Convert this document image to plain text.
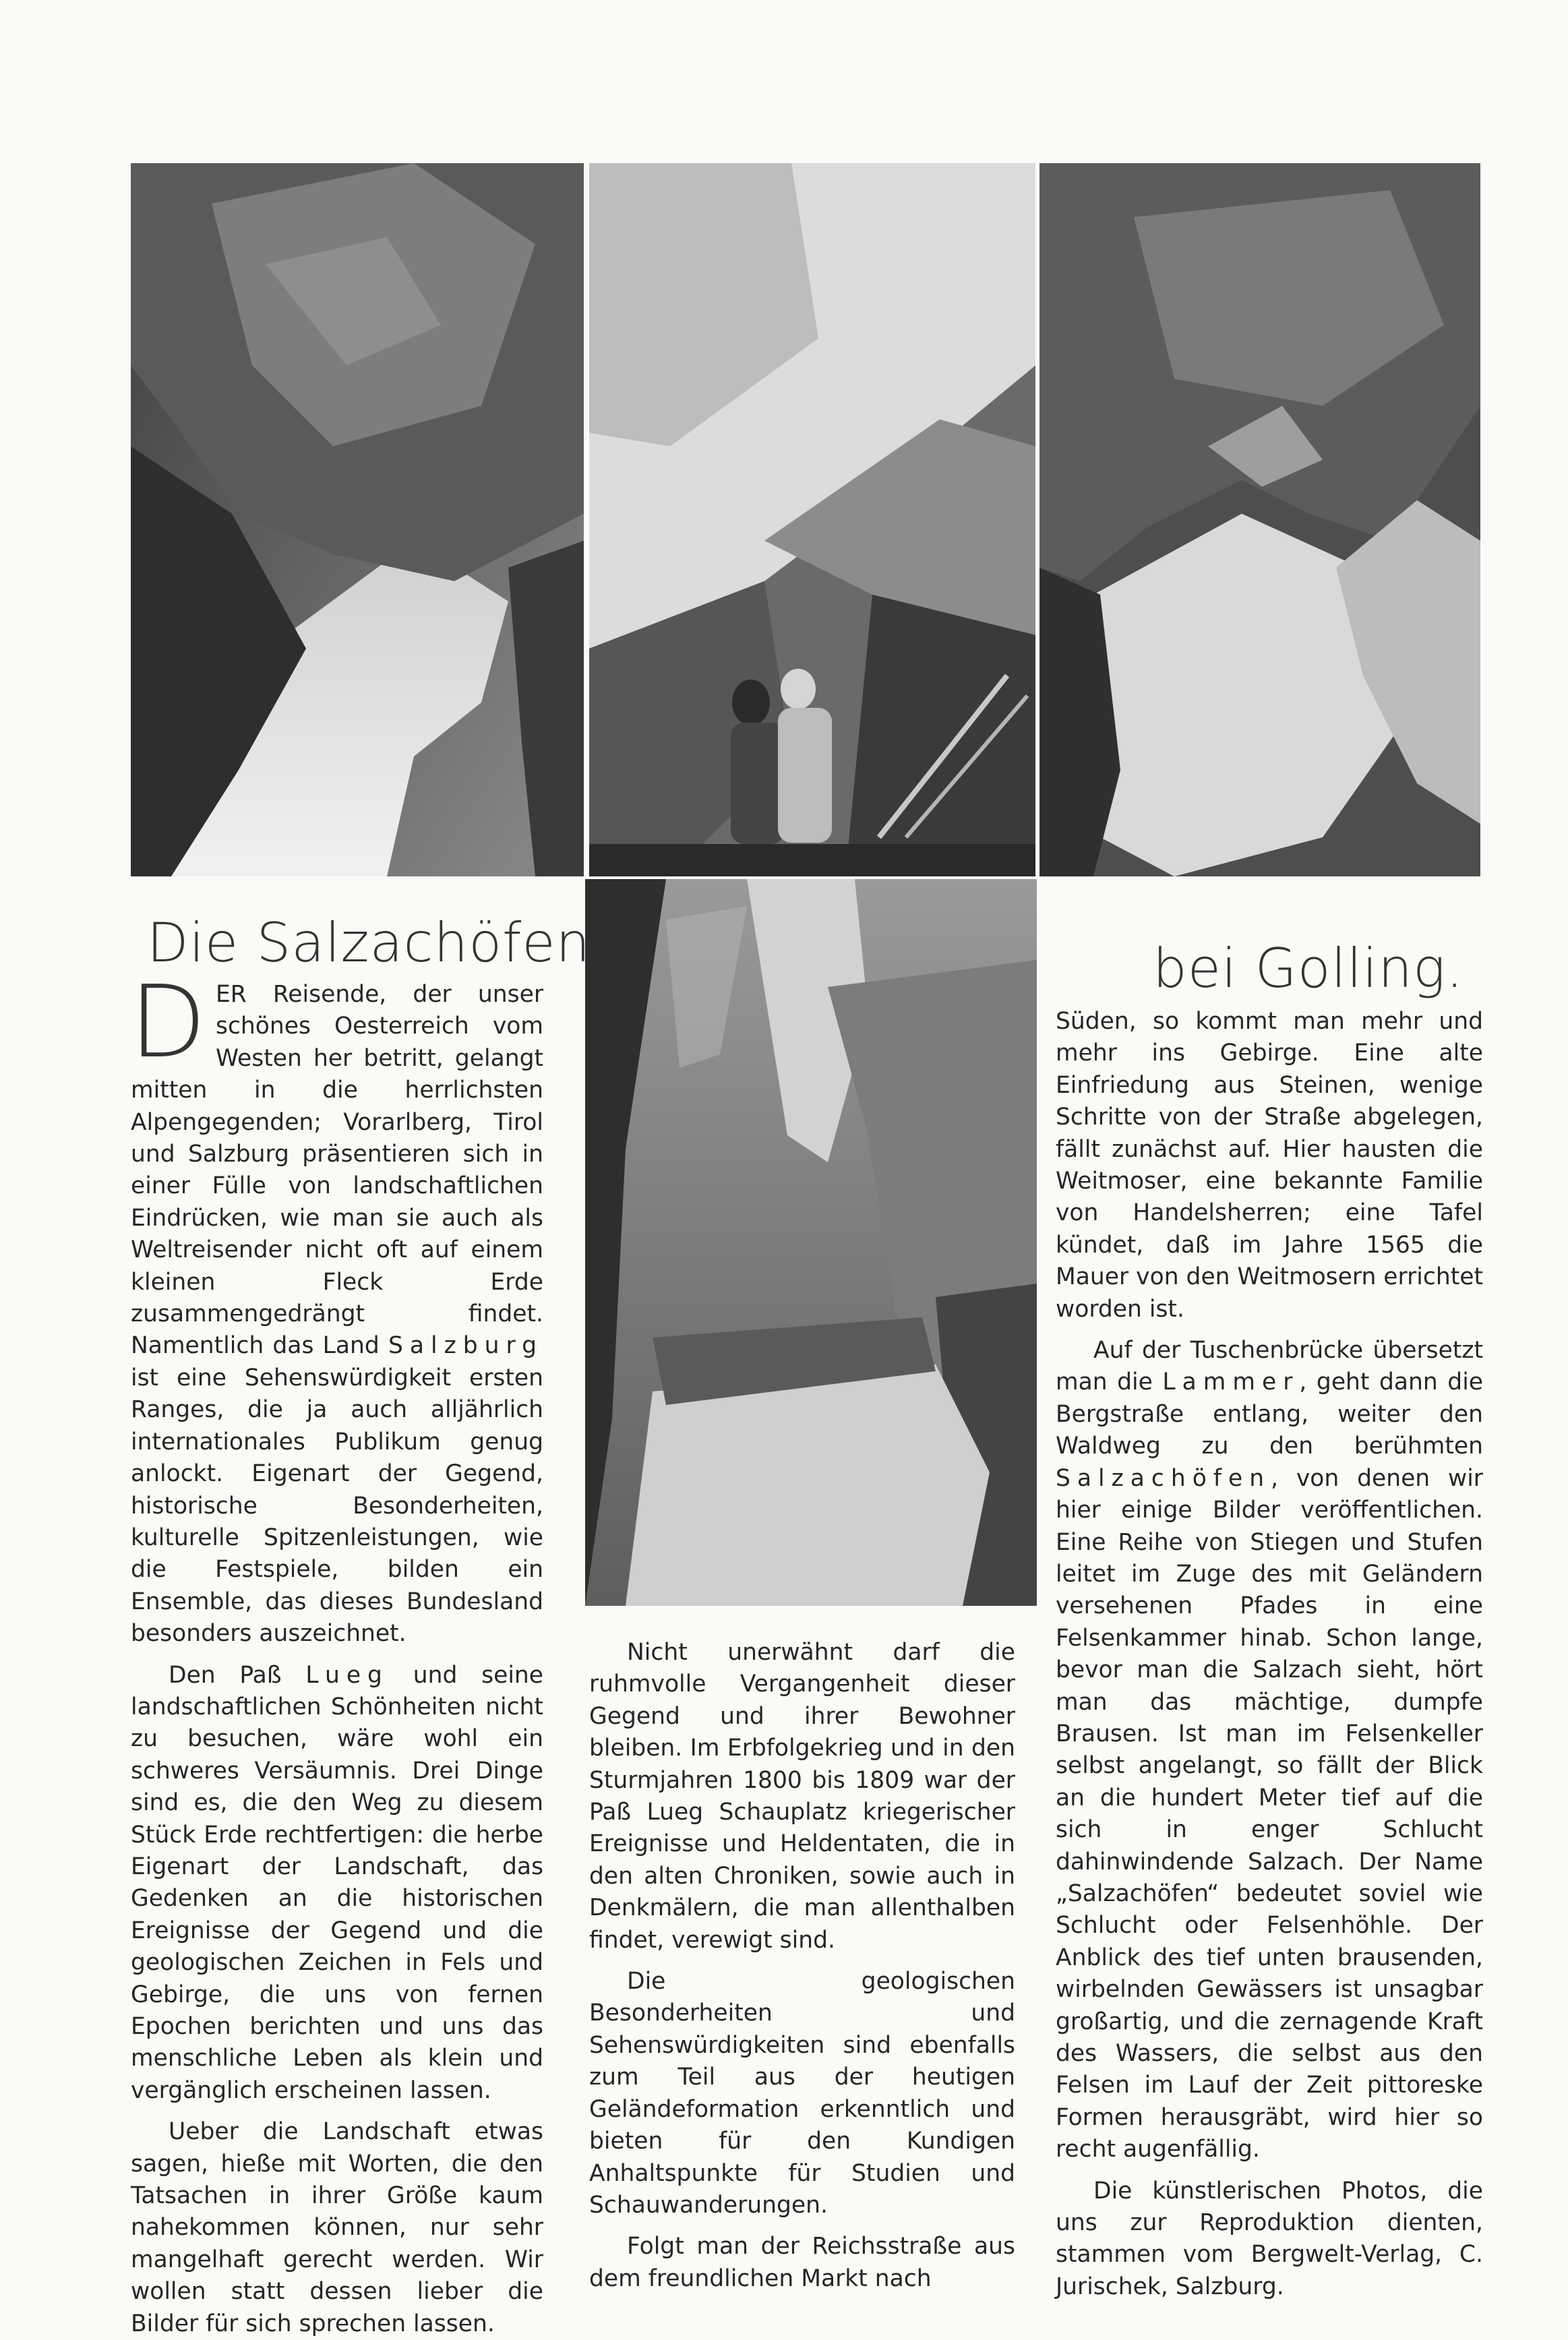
Die Salzachöfen	bei Golling.

DER Reisende, der unser schönes Oesterreich vom Westen her betritt, gelangt mitten in die herrlichsten Alpengegenden; Vorarlberg, Tirol und Salzburg präsentieren sich in einer Fülle von landschaftlichen Eindrücken, wie man sie auch als Weltreisender nicht oft auf einem kleinen Fleck Erde zusammengedrängt findet. Namentlich das Land Salzburg ist eine Sehenswürdigkeit ersten Ranges, die ja auch alljährlich internationales Publikum genug anlockt. Eigenart der Gegend, historische Besonderheiten, kulturelle Spitzenleistungen, wie die Festspiele, bilden ein Ensemble, das dieses Bundesland besonders auszeichnet.

Den Paß Lueg und seine landschaftlichen Schönheiten nicht zu besuchen, wäre wohl ein schweres Versäumnis. Drei Dinge sind es, die den Weg zu diesem Stück Erde rechtfertigen: die herbe Eigenart der Landschaft, das Gedenken an die historischen Ereignisse der Gegend und die geologischen Zeichen in Fels und Gebirge, die uns von fernen Epochen berichten und uns das menschliche Leben als klein und vergänglich erscheinen lassen.

Ueber die Landschaft etwas sagen, hieße mit Worten, die den Tatsachen in ihrer Größe kaum nahekommen können, nur sehr mangelhaft gerecht werden. Wir wollen statt dessen lieber die Bilder für sich sprechen lassen.

Nicht unerwähnt darf die ruhmvolle Vergangenheit dieser Gegend und ihrer Bewohner bleiben. Im Erbfolgekrieg und in den Sturmjahren 1800 bis 1809 war der Paß Lueg Schauplatz kriegerischer Ereignisse und Heldentaten, die in den alten Chroniken, sowie auch in Denkmälern, die man allenthalben findet, verewigt sind.

Die geologischen Besonderheiten und Sehenswürdigkeiten sind ebenfalls zum Teil aus der heutigen Geländeformation erkenntlich und bieten für den Kundigen Anhaltspunkte für Studien und Schauwanderungen.

Folgt man der Reichsstraße aus dem freundlichen Markt nach

Süden, so kommt man mehr und mehr ins Gebirge. Eine alte Einfriedung aus Steinen, wenige Schritte von der Straße abgelegen, fällt zunächst auf. Hier hausten die Weitmoser, eine bekannte Familie von Handelsherren; eine Tafel kündet, daß im Jahre 1565 die Mauer von den Weitmosern errichtet worden ist.

Auf der Tuschenbrücke übersetzt man die Lammer, geht dann die Bergstraße entlang, weiter den Waldweg zu den berühmten Salzachöfen, von denen wir hier einige Bilder veröffentlichen. Eine Reihe von Stiegen und Stufen leitet im Zuge des mit Geländern versehenen Pfades in eine Felsenkammer hinab. Schon lange, bevor man die Salzach sieht, hört man das mächtige, dumpfe Brausen. Ist man im Felsenkeller selbst angelangt, so fällt der Blick an die hundert Meter tief auf die sich in enger Schlucht dahinwindende Salzach. Der Name „Salzachöfen“ bedeutet soviel wie Schlucht oder Felsenhöhle. Der Anblick des tief unten brausenden, wirbelnden Gewässers ist unsagbar großartig, und die zernagende Kraft des Wassers, die selbst aus den Felsen im Lauf der Zeit pittoreske Formen herausgräbt, wird hier so recht augenfällig.

Die künstlerischen Photos, die uns zur Reproduktion dienten, stammen vom Bergwelt-Verlag, C. Jurischek, Salzburg.
